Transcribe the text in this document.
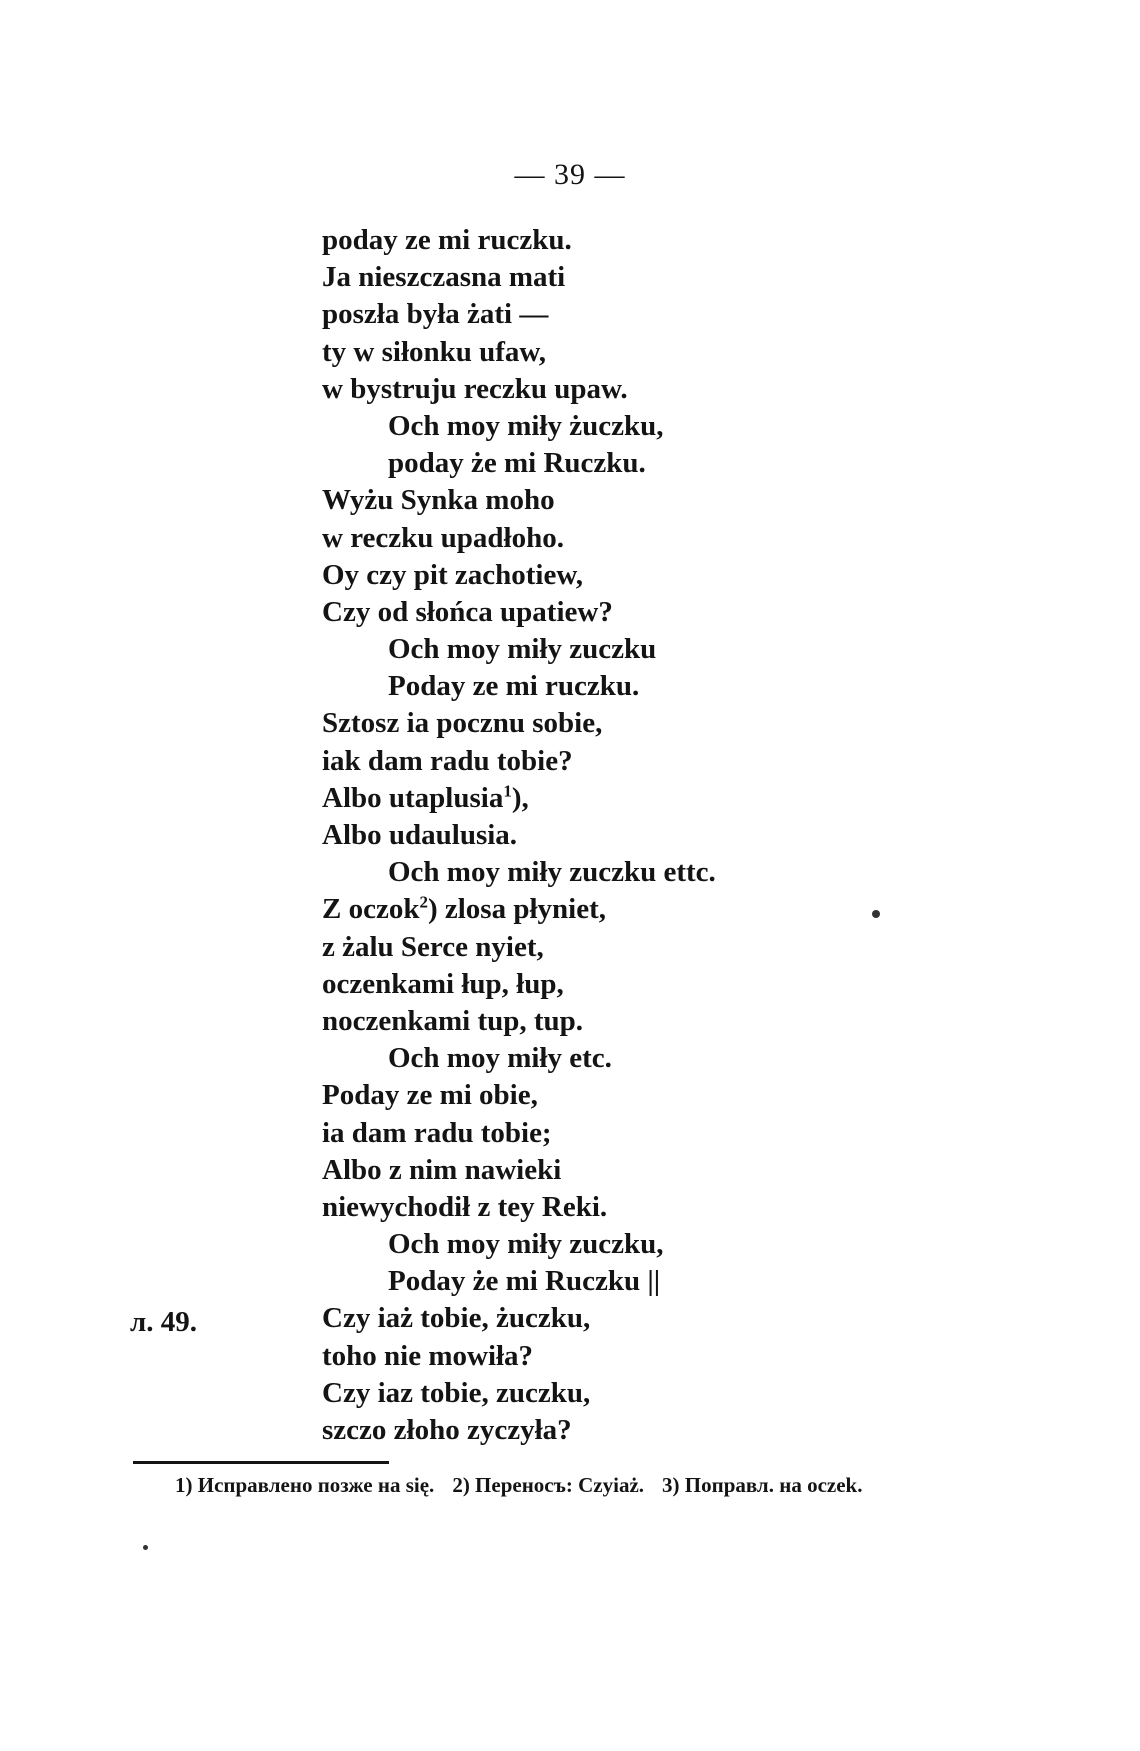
— 39 —
poday ze mi ruczku.
Ja nieszczasna mati
poszła była żati —
ty w siłonku ufaw,
w bystruju reczku upaw.
Och moy miły żuczku,
poday że mi Ruczku.
Wyżu Synka moho
w reczku upadłoho.
Oy czy pit zachotiew,
Czy od słońca upatiew?
Och moy miły zuczku
Poday ze mi ruczku.
Sztosz ia pocznu sobie,
iak dam radu tobie?
Albo utaplusia$^1$),
Albo udaulusia.
Och moy miły zuczku ettc.
Z oczok$^2$) zlosa płyniet,
z żalu Serce nyiet,
oczenkami łup, łup,
noczenkami tup, tup.
Och moy miły etc.
Poday ze mi obie,
ia dam radu tobie;
Albo z nim nawieki
niewychodił z tey Reki.
Och moy miły zuczku,
Poday że mi Ruczku ||
Czy iaż tobie, żuczku,
toho nie mowiła?
Czy iaz tobie, zuczku,
szczo złoho zyczyła?
л. 49.
1) Исправлено позже на się. 2) Переносъ: Czyiaż. 3) Поправл. на oczek.
